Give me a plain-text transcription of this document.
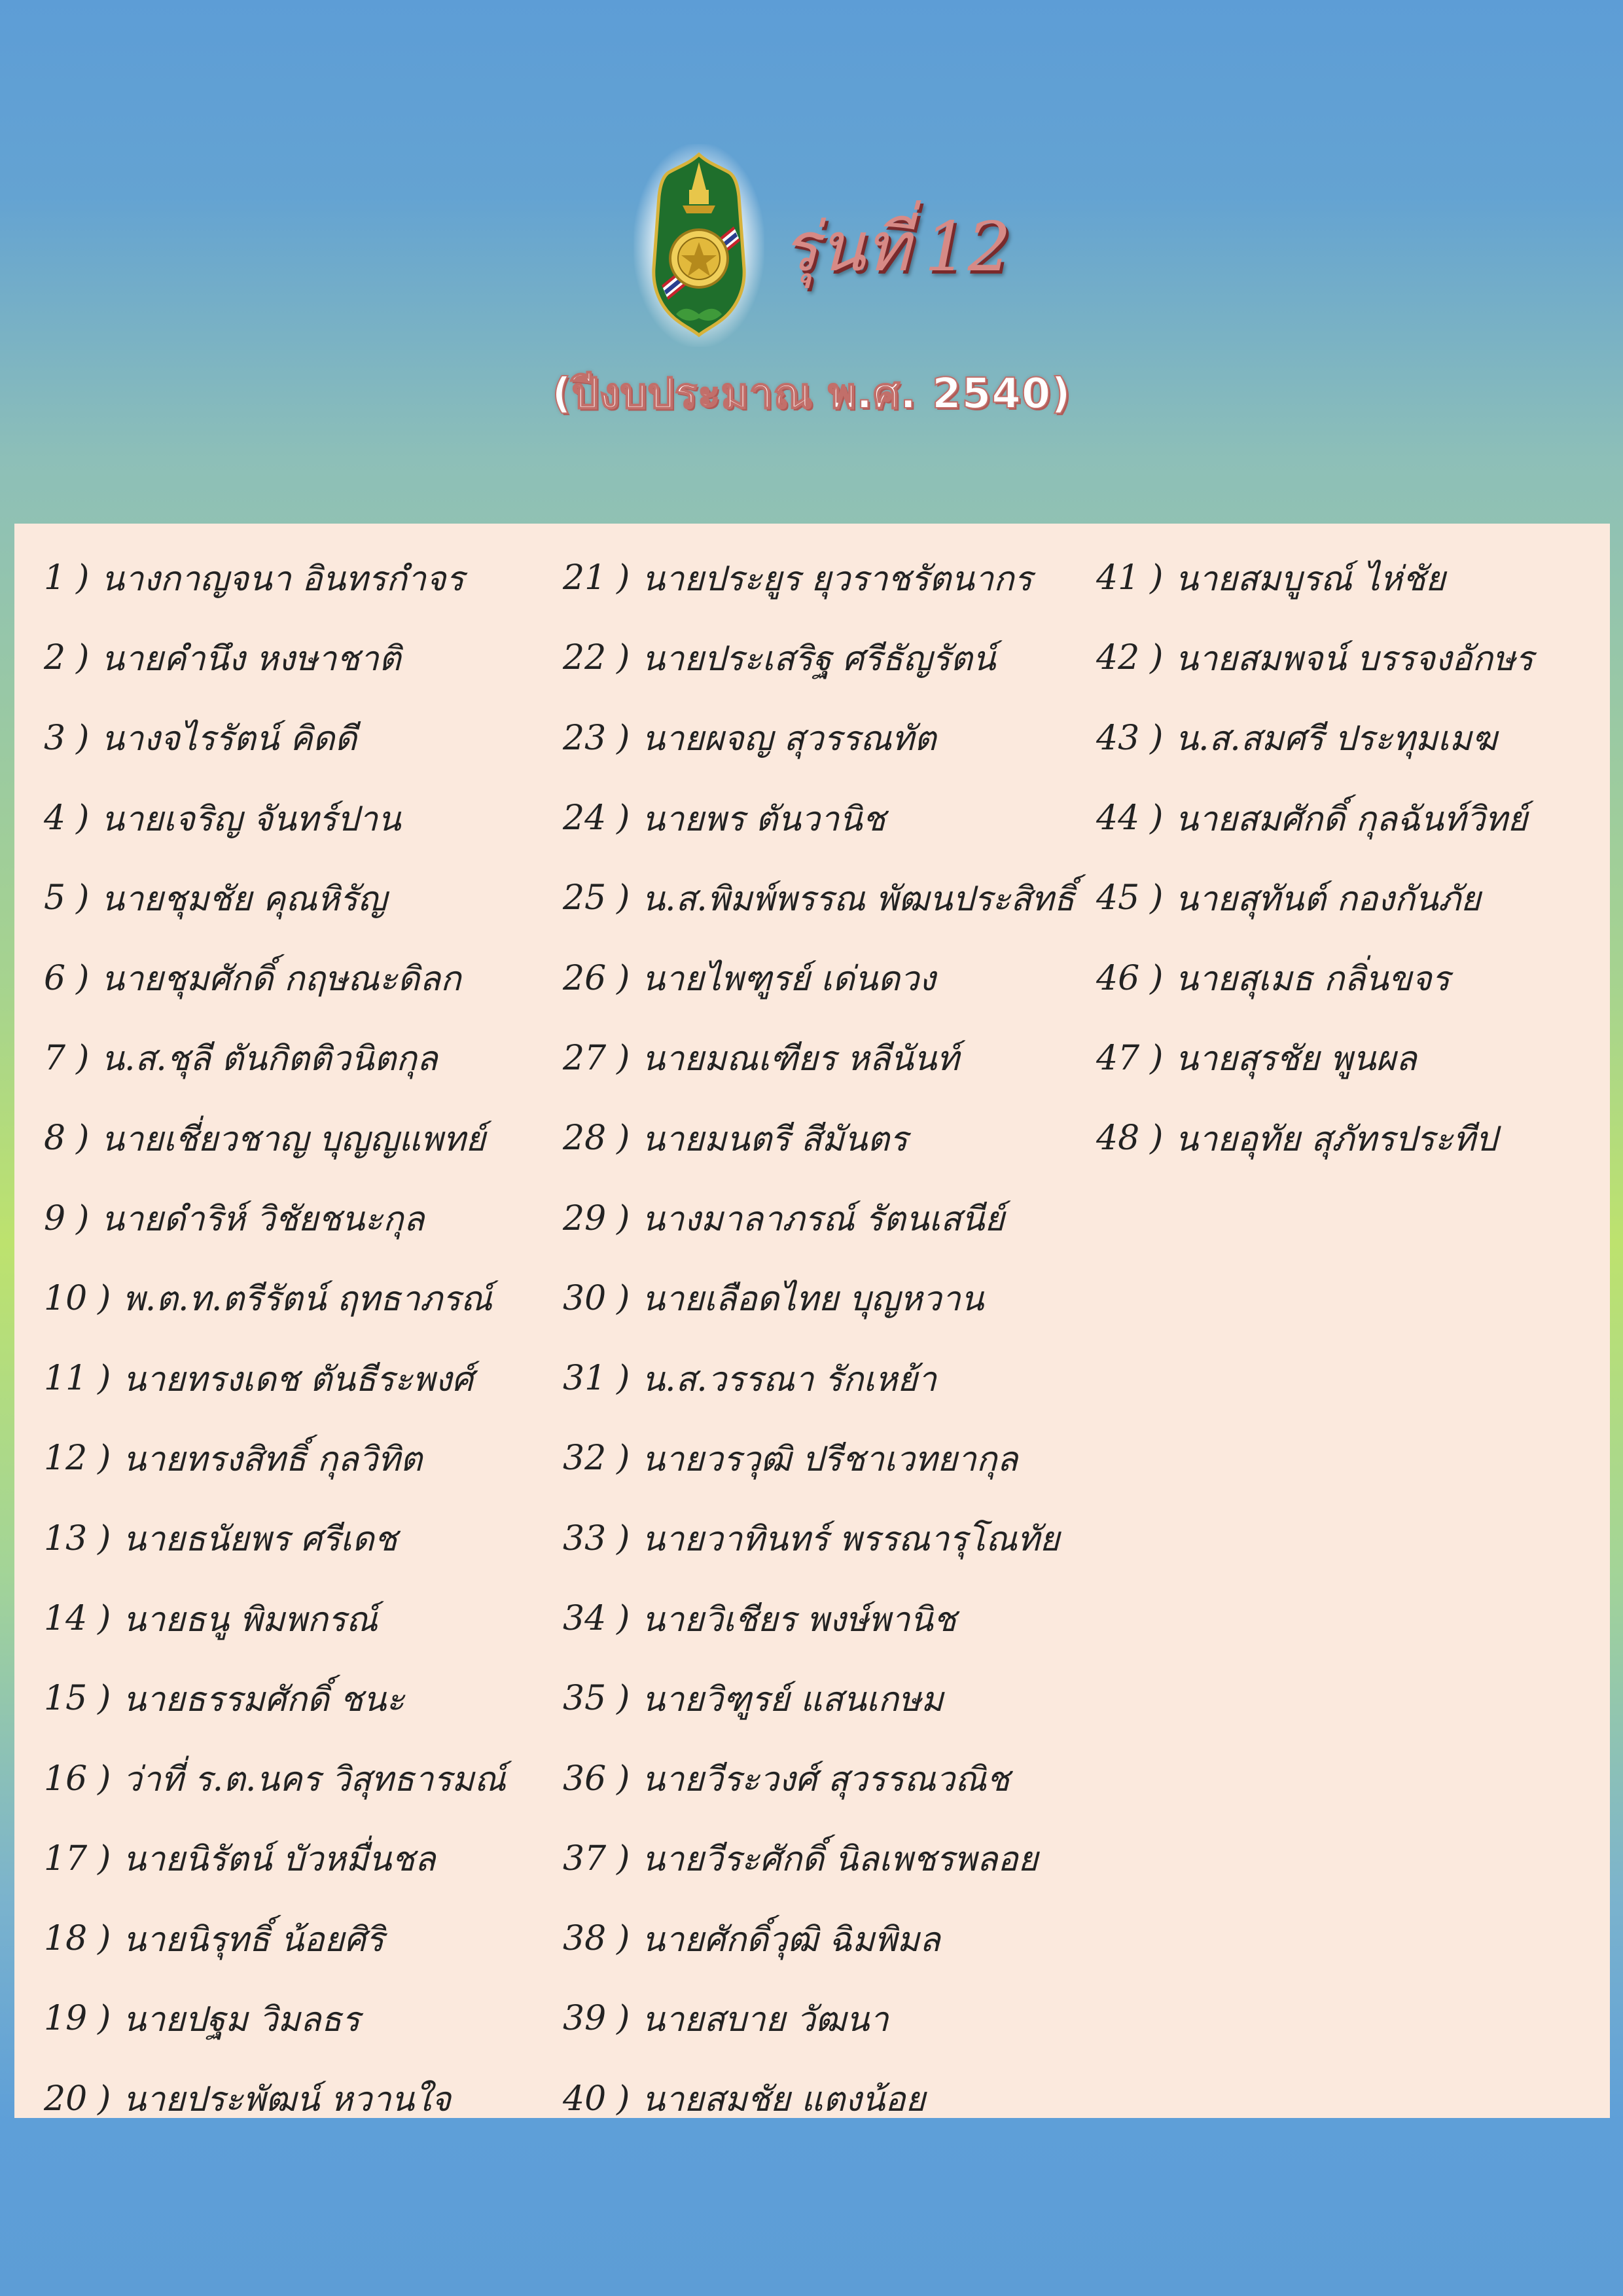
รุ่นที่ 12
(ปีงบประมาณ พ.ศ. 2540)
1 ) นางกาญจนา อินทรกำจร
2 ) นายคำนึง หงษาชาติ
3 ) นางจไรรัตน์ คิดดี
4 ) นายเจริญ จันทร์ปาน
5 ) นายชุมชัย คุณหิรัญ
6 ) นายชุมศักดิ์ กฤษณะดิลก
7 ) น.ส.ชุลี ตันกิตติวนิตกุล
8 ) นายเชี่ยวชาญ บุญญแพทย์
9 ) นายดำริห์ วิชัยชนะกุล
10 ) พ.ต.ท.ตรีรัตน์ ฤทธาภรณ์
11 ) นายทรงเดช ตันธีระพงศ์
12 ) นายทรงสิทธิ์ กุลวิทิต
13 ) นายธนัยพร ศรีเดช
14 ) นายธนู พิมพกรณ์
15 ) นายธรรมศักดิ์ ชนะ
16 ) ว่าที่ ร.ต.นคร วิสุทธารมณ์
17 ) นายนิรัตน์ บัวหมื่นชล
18 ) นายนิรุทธิ์ น้อยศิริ
19 ) นายปฐม วิมลธร
20 ) นายประพัฒน์ หวานใจ
21 ) นายประยูร ยุวราชรัตนากร
22 ) นายประเสริฐ ศรีธัญรัตน์
23 ) นายผจญ สุวรรณทัต
24 ) นายพร ตันวานิช
25 ) น.ส.พิมพ์พรรณ พัฒนประสิทธิ์
26 ) นายไพฑูรย์ เด่นดวง
27 ) นายมณเฑียร หลีนันท์
28 ) นายมนตรี สีมันตร
29 ) นางมาลาภรณ์ รัตนเสนีย์
30 ) นายเลือดไทย บุญหวาน
31 ) น.ส.วรรณา รักเหย้า
32 ) นายวรวุฒิ ปรีชาเวทยากุล
33 ) นายวาทินทร์ พรรณารุโณทัย
34 ) นายวิเชียร พงษ์พานิช
35 ) นายวิฑูรย์ แสนเกษม
36 ) นายวีระวงศ์ สุวรรณวณิช
37 ) นายวีระศักดิ์ นิลเพชรพลอย
38 ) นายศักดิ์วุฒิ ฉิมพิมล
39 ) นายสบาย วัฒนา
40 ) นายสมชัย แตงน้อย
41 ) นายสมบูรณ์ ไห่ชัย
42 ) นายสมพจน์ บรรจงอักษร
43 ) น.ส.สมศรี ประทุมเมฆ
44 ) นายสมศักดิ์ กุลฉันท์วิทย์
45 ) นายสุทันต์ กองกันภัย
46 ) นายสุเมธ กลิ่นขจร
47 ) นายสุรชัย พูนผล
48 ) นายอุทัย สุภัทรประทีป
